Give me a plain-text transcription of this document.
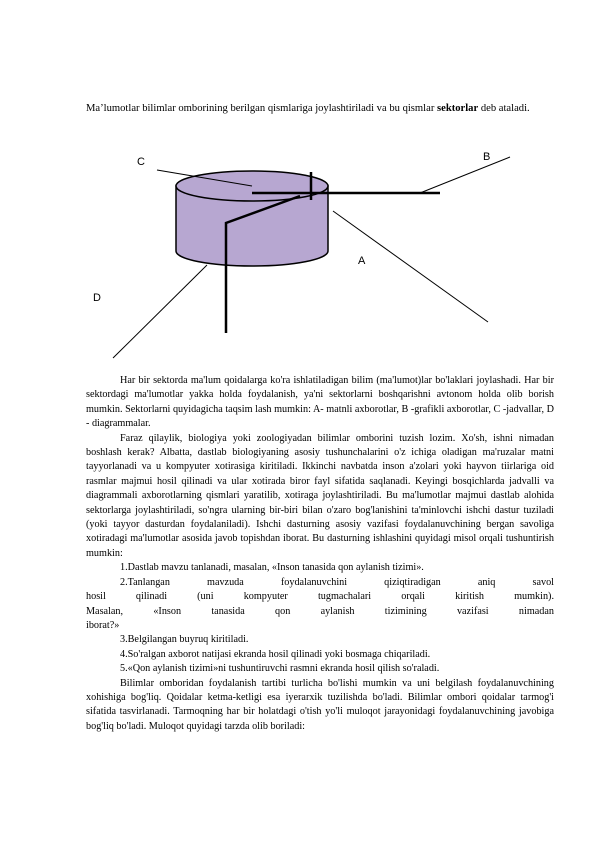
Ma’lumotlar bilimlar omborining berilgan qismlariga joylashtiriladi va bu qismlar sektorlar deb ataladi.
C	B
A
D

Har bir sektorda ma'lum qoidalarga ko'ra ishlatiladigan bilim (ma'lumot)lar bo'laklari joylashadi. Har bir sektordagi ma'lumotlar yakka holda foydalanish, ya'ni sektorlarni boshqarishni avtonom holda olib borish mumkin. Sektorlarni quyidagicha taqsim lash mumkin: A- matnli axborotlar, B -grafikli axborotlar, C -jadvallar, D - diagrammalar.

Faraz qilaylik, biologiya yoki zoologiyadan bilimlar omborini tuzish lozim. Xo'sh, ishni nimadan boshlash kerak? Albatta, dastlab biologiyaning asosiy tushunchalarini o'z ichiga oladigan ma'ruzalar matni tayyorlanadi va u kompyuter xotirasiga kiritiladi. Ikkinchi navbatda inson a'zolari yoki hayvon tiirlariga oid rasmlar majmui hosil qilinadi va ular xotirada biror fayl sifatida saqlanadi. Keyingi bosqichlarda jadvalli va diagrammali axborotlarning qismlari yaratilib, xotiraga joylashtiriladi. Bu ma'lumotlar majmui dastlab alohida sektorlarga joylashtiriladi, so'ngra ularning bir-biri bilan o'zaro bog'lanishini ta'minlovchi ishchi dastur tuziladi (yoki tayyor dasturdan foydalaniladi). Ishchi dasturning asosiy vazifasi foydalanuvchining bergan savoliga xotiradagi ma'lumotlar asosida javob topishdan iborat. Bu dasturning ishlashini quyidagi misol orqali tushuntirish mumkin:

1.Dastlab mavzu tanlanadi, masalan, «Inson tanasida qon aylanish tizimi».

2.Tanlangan mavzuda foydalanuvchini qiziqtiradigan aniq savol

hosil qilinadi (uni kompyuter tugmachalari orqali kiritish mumkin).

Masalan, «Inson tanasida qon aylanish tizimining vazifasi nimadan

iborat?»

3.Belgilangan buyruq kiritiladi.

4.So'ralgan axborot natijasi ekranda hosil qilinadi yoki bosmaga chiqariladi.

5.«Qon aylanish tizimi»ni tushuntiruvchi rasmni ekranda hosil qilish so'raladi.

Bilimlar omboridan foydalanish tartibi turlicha bo'lishi mumkin va uni belgilash foydalanuvchining xohishiga bog'liq. Qoidalar ketma-ketligi esa iyerarxik tuzilishda bo'ladi. Bilimlar ombori qoidalar tarmog'i sifatida tasvirlanadi. Tarmoqning har bir holatdagi o'tish yo'li muloqot jarayonidagi foydalanuvchining javobiga bog'liq bo'ladi. Muloqot quyidagi tarzda olib boriladi:
